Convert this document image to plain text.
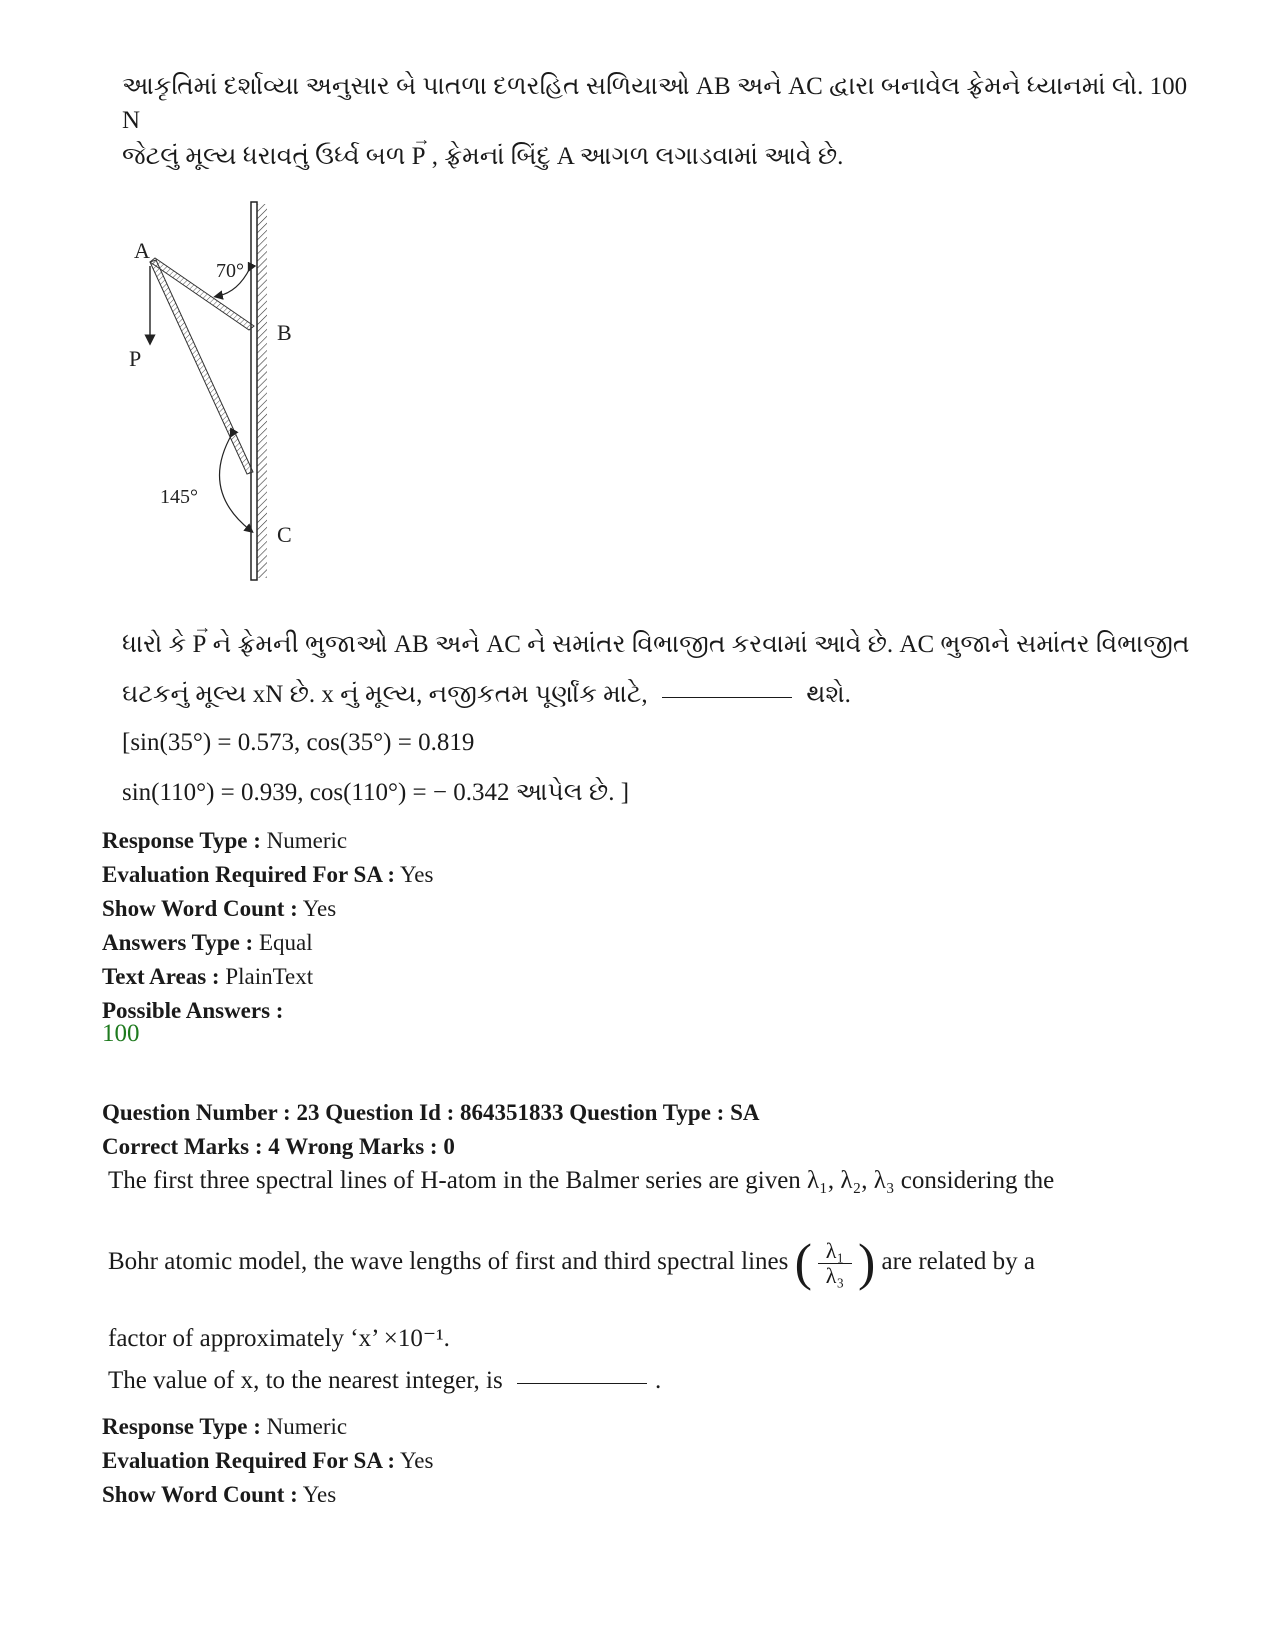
આકૃતિમાં દર્શાવ્યા અનુસાર બે પાતળા દળરહિત સળિયાઓ AB અને AC દ્વારા બનાવેલ ફ્રેમને ધ્યાનમાં લો. 100 N
જેટલું મૂલ્ય ધરાવતું ઉર્ધ્વ બળ → P , ફ્રેમનાં બિંદુ A આગળ લગાડવામાં આવે છે.
A
B
C
P
70°
145°
ધારો કે → P ને ફ્રેમની ભુજાઓ AB અને AC ને સમાંતર વિભાજીત કરવામાં આવે છે. AC ભુજાને સમાંતર વિભાજીત
ઘટકનું મૂલ્ય xN છે. x નું મૂલ્ય, નજીકતમ પૂર્ણાંક માટે,	થશે.
[sin(35°) = 0.573, cos(35°) = 0.819
sin(110°) = 0.939, cos(110°) = − 0.342 આપેલ છે. ]
Response Type : Numeric
Evaluation Required For SA : Yes
Show Word Count : Yes
Answers Type : Equal
Text Areas : PlainText
Possible Answers :
100
Question Number : 23 Question Id : 864351833 Question Type : SA
Correct Marks : 4 Wrong Marks : 0
The first three spectral lines of H-atom in the Balmer series are given λ₁, λ₂, λ₃ considering the
Bohr atomic model, the wave lengths of first and third spectral lines ( $\frac{\text{λ₁}}{\text{λ₃}}$ ) are related by a
factor of approximately ‘x’ ×10⁻¹.
The value of x, to the nearest integer, is	.
Response Type : Numeric
Evaluation Required For SA : Yes
Show Word Count : Yes
